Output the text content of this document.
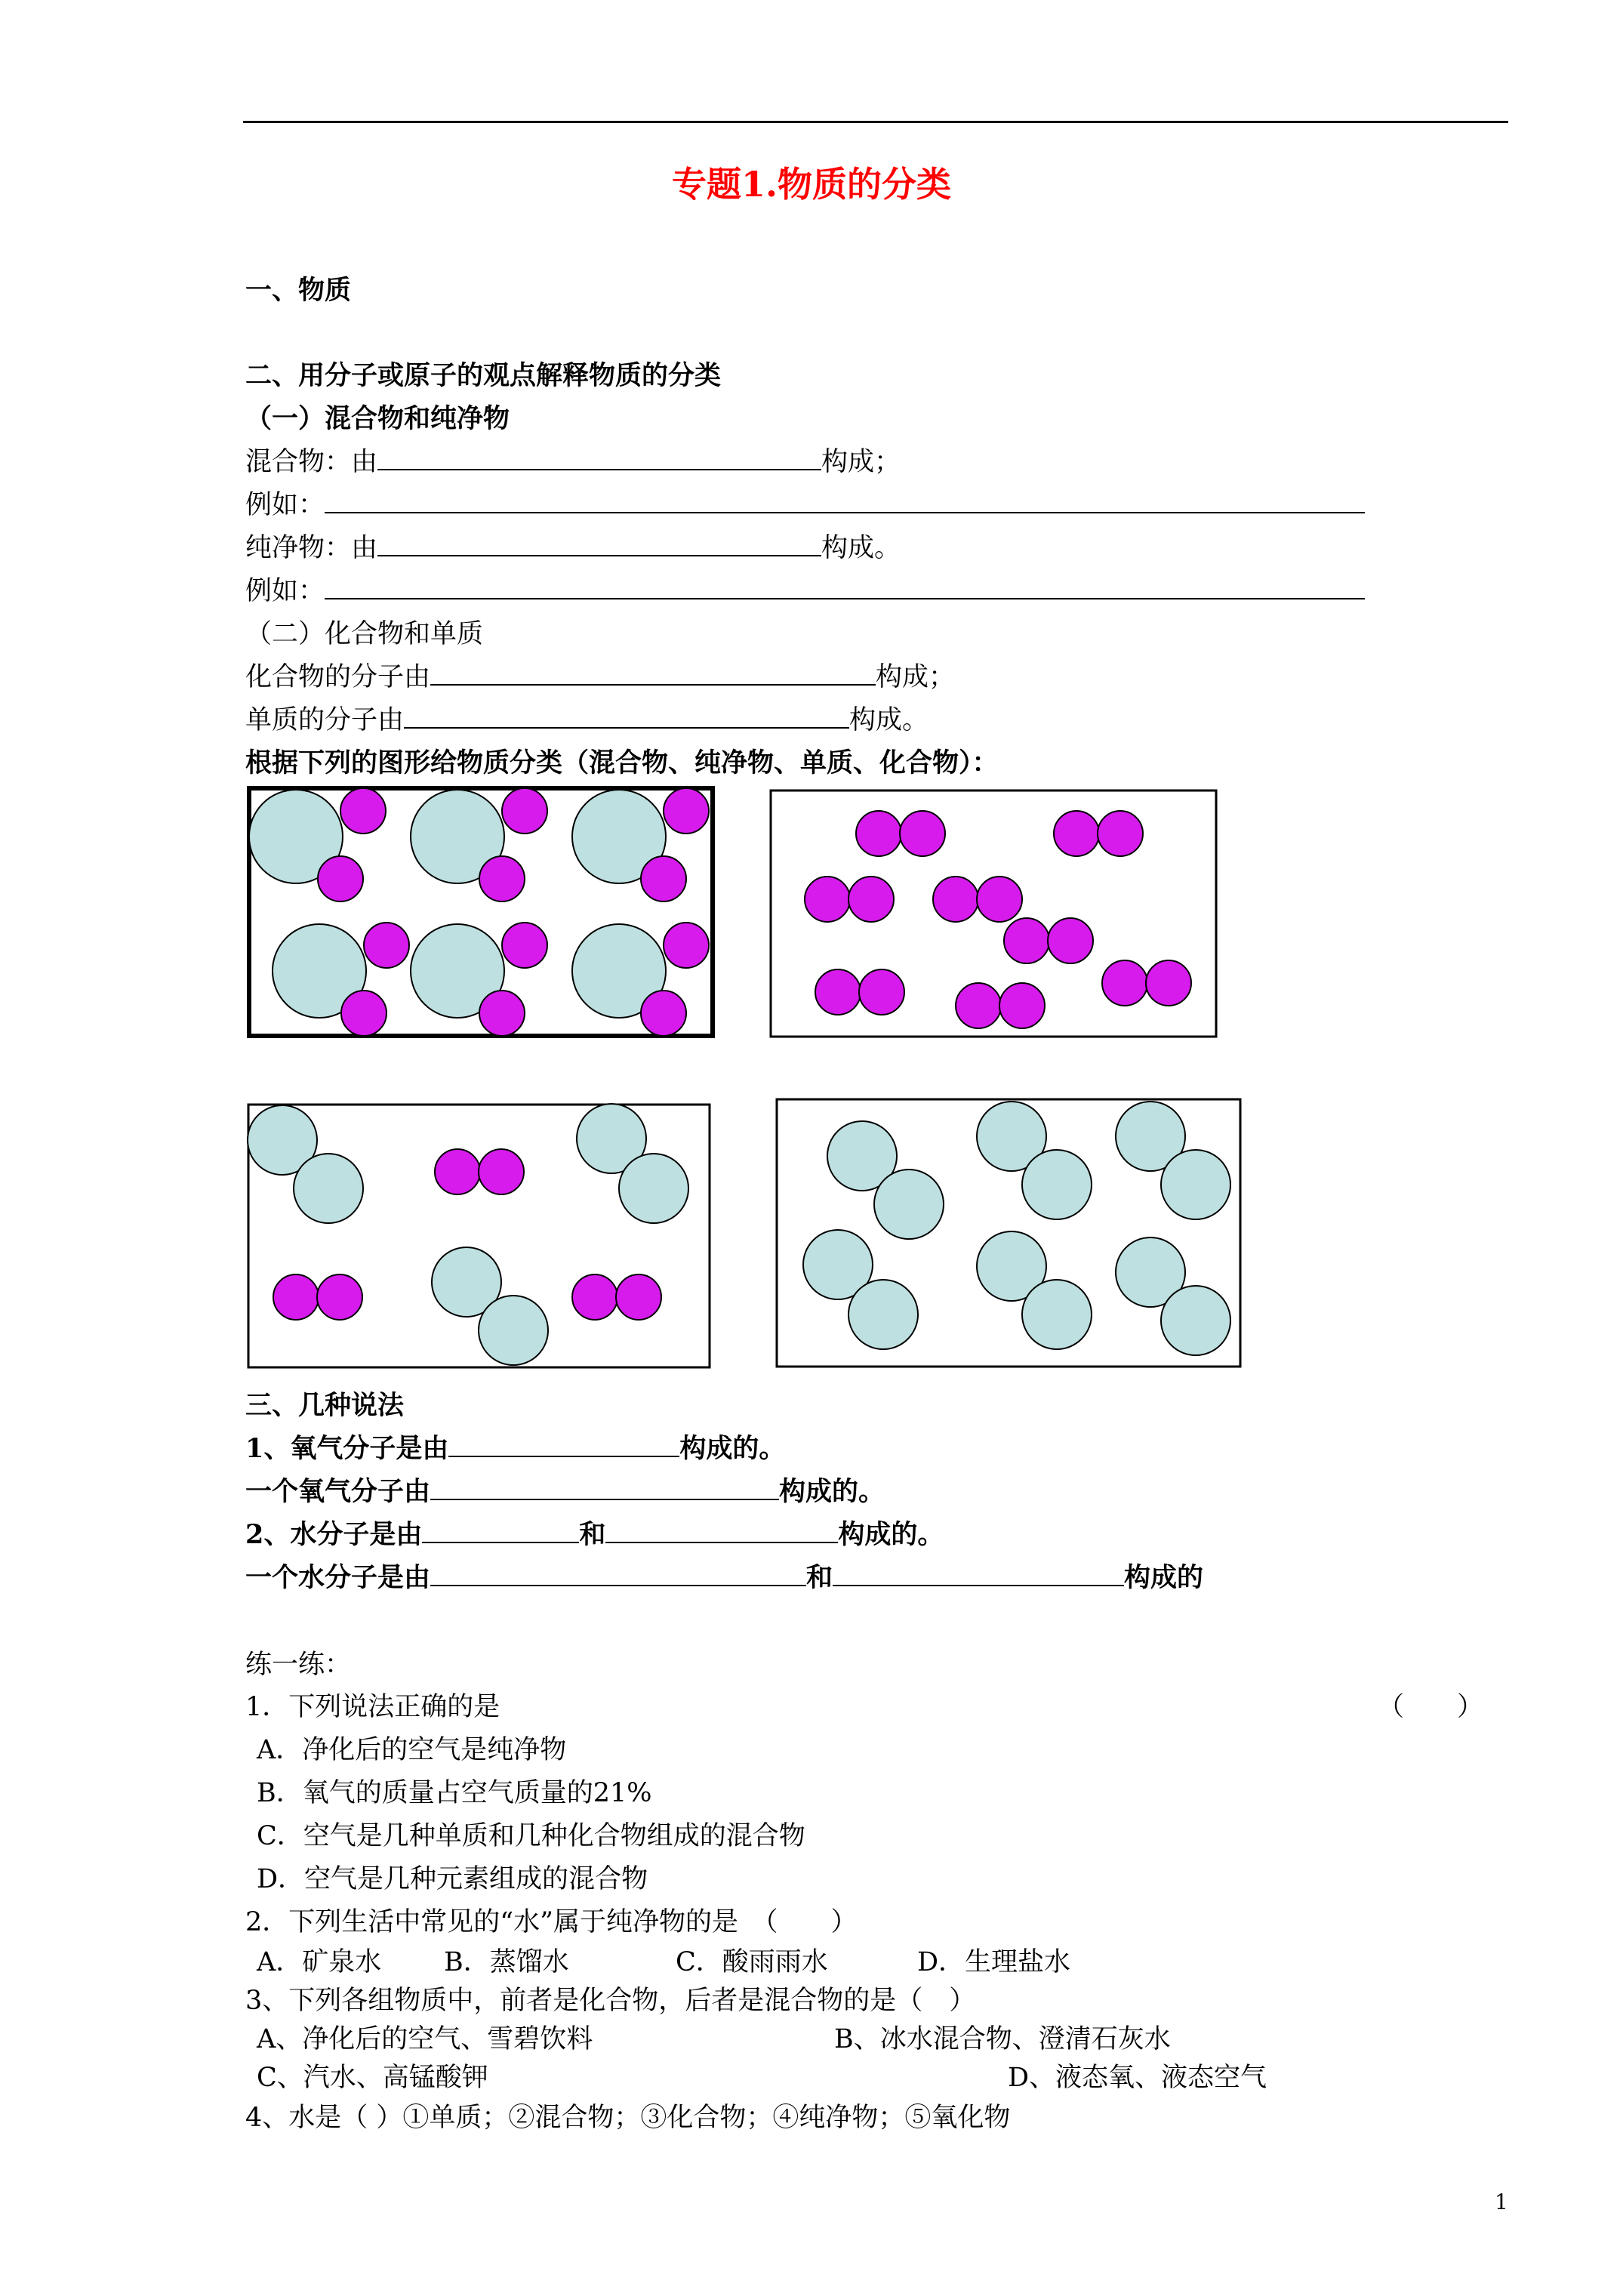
专题1.物质的分类
一、物质
二、用分子或原子的观点解释物质的分类
（一）混合物和纯净物
混合物：由	构成；
例如：
纯净物：由	构成。
例如：
（二）化合物和单质
化合物的分子由	构成；
单质的分子由	构成。
根据下列的图形给物质分类（混合物、纯净物、单质、化合物）：
三、几种说法
1、氧气分子是由	构成的。
一个氧气分子由	构成的。
2、水分子是由	和	构成的。
一个水分子是由	和	构成的
练一练：
1．下列说法正确的是	（　　）
A．净化后的空气是纯净物
B．氧气的质量占空气质量的21%
C．空气是几种单质和几种化合物组成的混合物
D．空气是几种元素组成的混合物
2．下列生活中常见的“水”属于纯净物的是　（　　）
A．矿泉水 B．蒸馏水	C．酸雨雨水	D．生理盐水
3、下列各组物质中，前者是化合物，后者是混合物的是（　）
A、净化后的空气、雪碧饮料	B、冰水混合物、澄清石灰水
C、汽水、高锰酸钾	D、液态氧、液态空气
4、水是（ ）①单质；②混合物；③化合物；④纯净物；⑤氧化物
1
